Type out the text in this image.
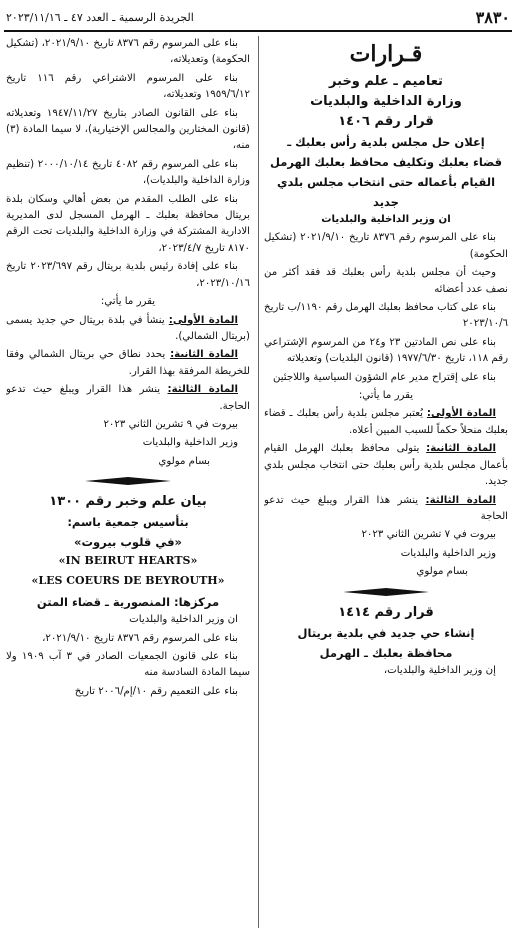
٣٨٣٠
الجريدة الرسمية ـ العدد ٤٧ ـ ٢٠٢٣/١١/١٦
قـرارات

تعاميم ـ علم وخبر

وزارة الداخلية والبلديات

قرار رقم ١٤٠٦

إعلان حل مجلس بلدية رأس بعلبك ـ

قضاء بعلبك وتكليف محافظ بعلبك الهرمل

القيام بأعماله حتى انتخاب مجلس بلدي جديد

ان وزير الداخلية والبلديات

بناء على المرسوم رقم ٨٣٧٦ تاريخ ٢٠٢١/٩/١٠ (تشكيل الحكومة)

وحيث أن مجلس بلدية رأس بعلبك قد فقد أكثر من نصف عدد أعضائه

بناء على كتاب محافظ بعلبك الهرمل رقم ١١٩٠/ب تاريخ ٢٠٢٣/١٠/٦

بناء على نص المادتين ٢٣ و٢٤ من المرسوم الإشتراعي رقم ١١٨، تاريخ ١٩٧٧/٦/٣٠ (قانون البلديات) وتعديلاته

بناء على إقتراح مدير عام الشؤون السياسية واللاجئين

يقرر ما يأتي:

المادة الأولى: يُعتبر مجلس بلدية رأس بعلبك ـ قضاء بعلبك منحلاً حكماً للسبب المبين أعلاه.

المادة الثانية: يتولى محافظ بعلبك الهرمل القيام بأعمال مجلس بلدية رأس بعلبك حتى انتخاب مجلس بلدي جديد.

المادة الثالثة: ينشر هذا القرار ويبلغ حيث تدعو الحاجة

بيروت في ٧ تشرين الثاني ٢٠٢٣

وزير الداخلية والبلديات

بسام مولوي

قرار رقم ١٤١٤

إنشاء حي جديد في بلدية بريتال

محافظة بعلبك ـ الهرمل

إن وزير الداخلية والبلديات،

بناء على المرسوم رقم ٨٣٧٦ تاريخ ٢٠٢١/٩/١٠، (تشكيل الحكومة) وتعديلاته،

بناء على المرسوم الاشتراعي رقم ١١٦ تاريخ ١٩٥٩/٦/١٢ وتعديلاته،

بناء على القانون الصادر بتاريخ ١٩٤٧/١١/٢٧ وتعديلاته (قانون المختارين والمجالس الإختيارية)، لا سيما المادة (٣) منه،

بناء على المرسوم رقم ٤٠٨٢ تاريخ ٢٠٠٠/١٠/١٤ (تنظيم وزارة الداخلية والبلديات)،

بناء على الطلب المقدم من بعض أهالي وسكان بلدة بريتال محافظة بعلبك ـ الهرمل المسجل لدى المديرية الادارية المشتركة في وزارة الداخلية والبلديات تحت الرقم ٨١٧٠ تاريخ ٢٠٢٣/٤/٧،

بناء على إفادة رئيس بلدية بريتال رقم ٢٠٢٣/٦٩٧ تاريخ ٢٠٢٣/١٠/١٦،

يقرر ما يأتي:

المادة الأولى: ينشأ في بلدة بريتال حي جديد يسمى (بريتال الشمالي).

المادة الثانية: يحدد نطاق حي بريتال الشمالي وفقا للخريطة المرفقة بهذا القرار.

المادة الثالثة: ينشر هذا القرار ويبلغ حيث تدعو الحاجة.

بيروت في ٩ تشرين الثاني ٢٠٢٣

وزير الداخلية والبلديات

بسام مولوي

بيان علم وخبر رقم ١٣٠٠

بتأسيس جمعية باسم:

«في قلوب بيروت»

«IN BEIRUT HEARTS»

«LES COEURS DE BEYROUTH»

مركزها: المنصورية ـ قضاء المتن

ان وزير الداخلية والبلديات

بناء على المرسوم رقم ٨٣٧٦ تاريخ ٢٠٢١/٩/١٠،

بناء على قانون الجمعيات الصادر في ٣ آب ١٩٠٩ ولا سيما المادة السادسة منه

بناء على التعميم رقم ١٠/إم/٢٠٠٦ تاريخ
